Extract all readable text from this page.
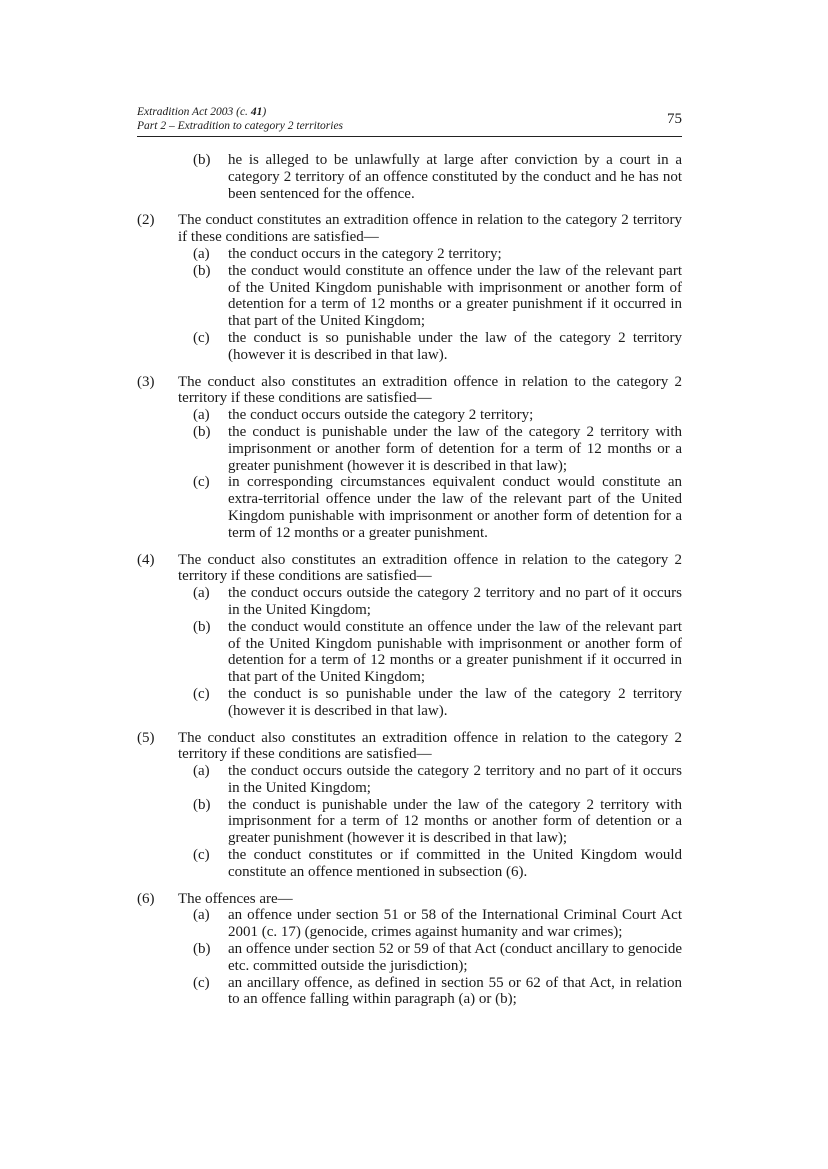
Extradition Act 2003 (c. 41)
Part 2 – Extradition to category 2 territories	75
(b) he is alleged to be unlawfully at large after conviction by a court in a category 2 territory of an offence constituted by the conduct and he has not been sentenced for the offence.
(2) The conduct constitutes an extradition offence in relation to the category 2 territory if these conditions are satisfied—
(a) the conduct occurs in the category 2 territory;
(b) the conduct would constitute an offence under the law of the relevant part of the United Kingdom punishable with imprisonment or another form of detention for a term of 12 months or a greater punishment if it occurred in that part of the United Kingdom;
(c) the conduct is so punishable under the law of the category 2 territory (however it is described in that law).
(3) The conduct also constitutes an extradition offence in relation to the category 2 territory if these conditions are satisfied—
(a) the conduct occurs outside the category 2 territory;
(b) the conduct is punishable under the law of the category 2 territory with imprisonment or another form of detention for a term of 12 months or a greater punishment (however it is described in that law);
(c) in corresponding circumstances equivalent conduct would constitute an extra-territorial offence under the law of the relevant part of the United Kingdom punishable with imprisonment or another form of detention for a term of 12 months or a greater punishment.
(4) The conduct also constitutes an extradition offence in relation to the category 2 territory if these conditions are satisfied—
(a) the conduct occurs outside the category 2 territory and no part of it occurs in the United Kingdom;
(b) the conduct would constitute an offence under the law of the relevant part of the United Kingdom punishable with imprisonment or another form of detention for a term of 12 months or a greater punishment if it occurred in that part of the United Kingdom;
(c) the conduct is so punishable under the law of the category 2 territory (however it is described in that law).
(5) The conduct also constitutes an extradition offence in relation to the category 2 territory if these conditions are satisfied—
(a) the conduct occurs outside the category 2 territory and no part of it occurs in the United Kingdom;
(b) the conduct is punishable under the law of the category 2 territory with imprisonment for a term of 12 months or another form of detention or a greater punishment (however it is described in that law);
(c) the conduct constitutes or if committed in the United Kingdom would constitute an offence mentioned in subsection (6).
(6) The offences are—
(a) an offence under section 51 or 58 of the International Criminal Court Act 2001 (c. 17) (genocide, crimes against humanity and war crimes);
(b) an offence under section 52 or 59 of that Act (conduct ancillary to genocide etc. committed outside the jurisdiction);
(c) an ancillary offence, as defined in section 55 or 62 of that Act, in relation to an offence falling within paragraph (a) or (b);
